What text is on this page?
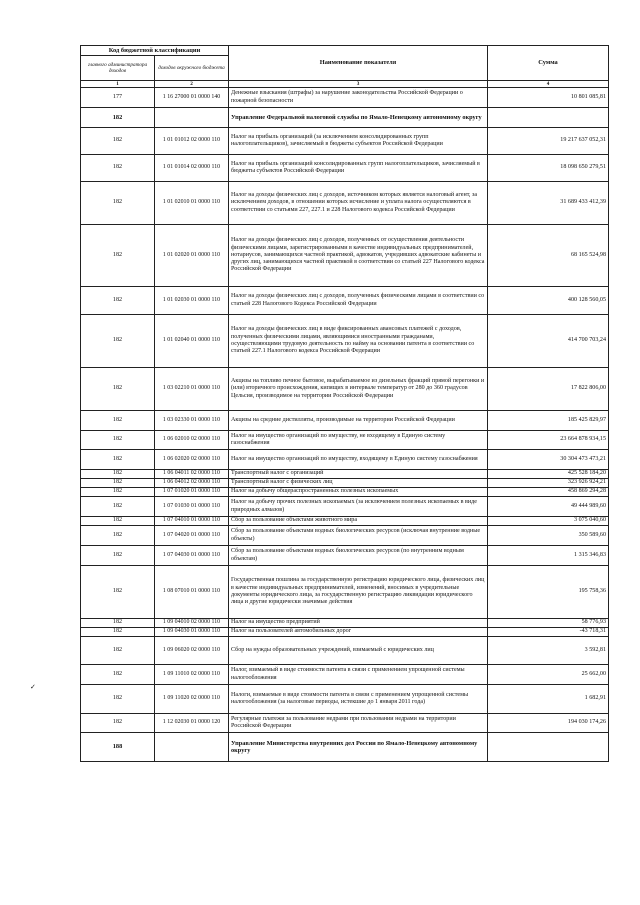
Код бюджетной классификации		Наименование показателя	Сумма
главного администратора доходов	доходов окружного бюджета		
1	2	3	4
177	1 16 27000 01 0000 140	Денежные взыскания (штрафы) за нарушение законодательства Российской Федерации о пожарной безопасности	10 801 085,81
182		Управление Федеральной налоговой службы по Ямало-Ненецкому автономному округу	
182	1 01 01012 02 0000 110	Налог на прибыль организаций (за исключением консолидированных групп налогоплательщиков), зачисляемый в бюджеты субъектов Российской Федерации	19 217 637 052,31
182	1 01 01014 02 0000 110	Налог на прибыль организаций консолидированных групп налогоплательщиков, зачисляемый в бюджеты субъектов Российской Федерации	18 098 650 279,51
182	1 01 02010 01 0000 110	Налог на доходы физических лиц с доходов, источником которых является налоговый агент, за исключением доходов, в отношении которых исчисление и уплата налога осуществляются в соответствии со статьями 227, 227.1 и 228 Налогового кодекса Российской Федерации	31 689 433 412,39
182	1 01 02020 01 0000 110	Налог на доходы физических лиц с доходов, полученных от осуществления деятельности физическими лицами, зарегистрированными в качестве индивидуальных предпринимателей, нотариусов, занимающихся частной практикой, адвокатов, учредивших адвокатские кабинеты и других лиц, занимающихся частной практикой в соответствии со статьей 227 Налогового кодекса Российской Федерации	68 165 524,98
182	1 01 02030 01 0000 110	Налог на доходы физических лиц с доходов, полученных физическими лицами в соответствии со статьей 228 Налогового Кодекса Российской Федерации	400 128 560,05
182	1 01 02040 01 0000 110	Налог на доходы физических лиц в виде фиксированных авансовых платежей с доходов, полученных физическими лицами, являющимися иностранными гражданами, осуществляющими трудовую деятельность по найму на основании патента в соответствии со статьей 227.1 Налогового кодекса Российской Федерации	414 700 703,24
182	1 03 02210 01 0000 110	Акцизы на топливо печное бытовое, вырабатываемое из дизельных фракций прямой перегонки и (или) вторичного происхождения, кипящих в интервале температур от 280 до 360 градусов Цельсия, производимое на территории Российской Федерации	17 822 806,00
182	1 03 02330 01 0000 110	Акцизы на средние дистилляты, производимые на территории Российской Федерации	185 425 829,97
182	1 06 02010 02 0000 110	Налог на имущество организаций по имуществу, не входящему в Единую систему газоснабжения	23 664 878 934,15
182	1 06 02020 02 0000 110	Налог на имущество организаций по имуществу, входящему в Единую систему газоснабжения	30 304 473 473,21
182	1 06 04011 02 0000 110	Транспортный налог с организаций	425 528 184,20
182	1 06 04012 02 0000 110	Транспортный налог с физических лиц	323 926 924,21
182	1 07 01020 01 0000 110	Налог на добычу общераспространенных полезных ископаемых	458 869 294,28
182	1 07 01030 01 0000 110	Налог на добычу прочих полезных ископаемых (за исключением полезных ископаемых в виде природных алмазов)	49 444 989,60
182	1 07 04010 01 0000 110	Сбор за пользование объектами животного мира	3 075 040,60
182	1 07 04020 01 0000 110	Сбор за пользование объектами водных биологических ресурсов (исключая внутренние водные объекты)	350 589,60
182	1 07 04030 01 0000 110	Сбор за пользование объектами водных биологических ресурсов (по внутренним водным объектам)	1 315 346,83
182	1 08 07010 01 0000 110	Государственная пошлина за государственную регистрацию юридического лица, физических лиц в качестве индивидуальных предпринимателей, изменений, вносимых в учредительные документы юридического лица, за государственную регистрацию ликвидации юридического лица и другие юридически значимые действия	195 758,36
182	1 09 04010 02 0000 110	Налог на имущество предприятий	58 776,93
182	1 09 04030 01 0000 110	Налог на пользователей автомобильных дорог	-43 718,31
182	1 09 06020 02 0000 110	Сбор на нужды образовательных учреждений, взимаемый с юридических лиц	3 592,81
182	1 09 11010 02 0000 110	Налог, взимаемый в виде стоимости патента в связи с применением упрощенной системы налогообложения	25 662,00
182	1 09 11020 02 0000 110	Налоги, взимаемые в виде стоимости патента в связи с применением упрощенной системы налогообложения (за налоговые периоды, истекшие до 1 января 2011 года)	1 682,91
182	1 12 02030 01 0000 120	Регулярные платежи за пользование недрами при пользовании недрами на территории Российской Федерации	194 030 174,26
188		Управление Министерства внутренних дел России по Ямало-Ненецкому автономному округу	
✓
